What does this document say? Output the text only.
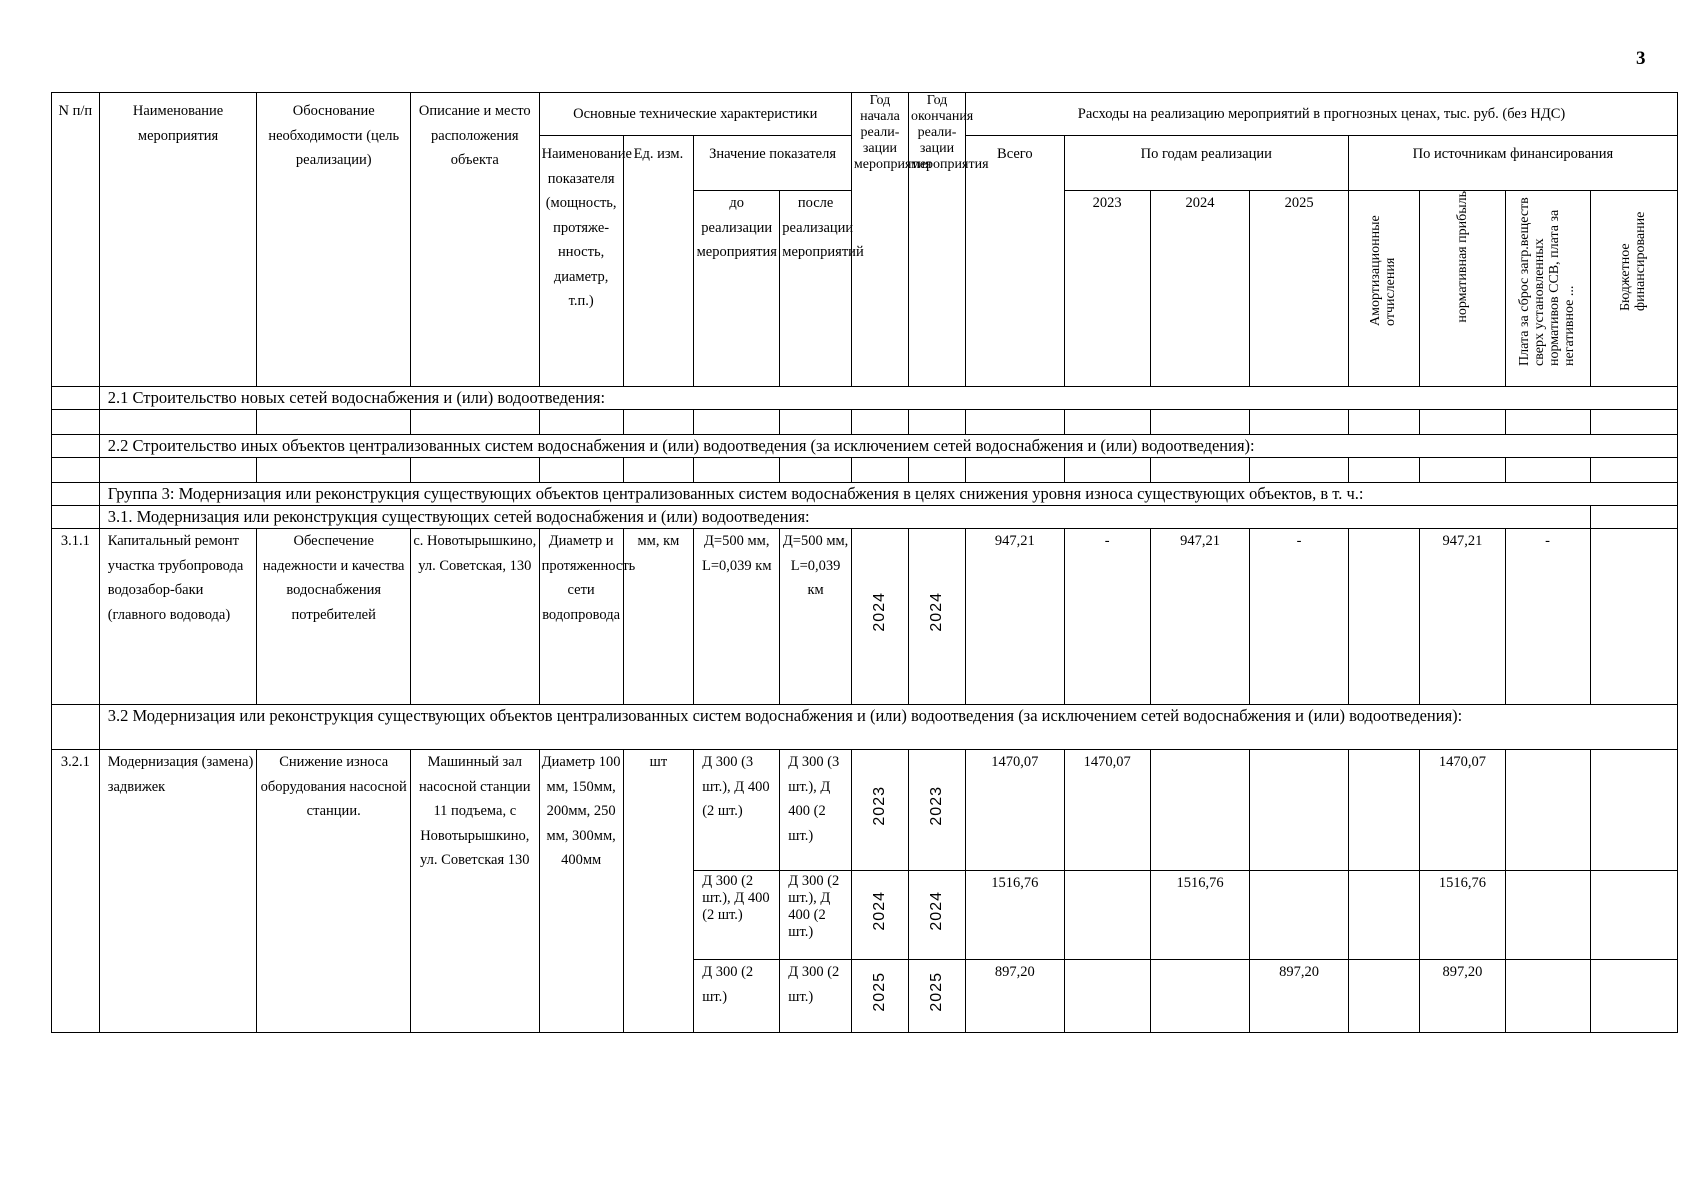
3
N п/п	Наименование мероприятия	Обоснование необходимости (цель реализации)	Описание и место расположения объекта	Основные технические характеристики				Год начала реали-зации мероприятия	Год окончания реали-зации мероприятия	Расходы на реализацию мероприятий в прогнозных ценах, тыс. руб. (без НДС)							
				Наименование показателя (мощность, протяже-нность, диаметр, т.п.)	Ед. изм.	Значение показателя				Всего	По годам реализации			По источникам финансирования			
						до реализации мероприятия	после реализации мероприятий				2023	2024	2025	Амортизационные отчисления	нормативная прибыль	Плата за сброс загр.веществ сверх установленных нормативов ССВ, плата за негативное ...	Бюджетное финансирование
	2.1 Строительство новых сетей водоснабжения и (или) водоотведения:																

	2.2 Строительство иных объектов централизованных систем водоснабжения и (или) водоотведения (за исключением сетей водоснабжения и (или) водоотведения):																

	Группа 3: Модернизация или реконструкция существующих объектов централизованных систем водоснабжения в целях снижения уровня износа существующих объектов, в т. ч.:																
	3.1. Модернизация или реконструкция существующих сетей водоснабжения и (или) водоотведения:																
3.1.1	Капитальный ремонт участка трубопровода водозабор-баки (главного водовода)	Обеспечение надежности и качества водоснабжения потребителей	с. Новотырышкино, ул. Советская, 130	Диаметр и протяженность сети водопровода	мм, км	Д=500 мм, L=0,039 км	Д=500 мм, L=0,039 км	2024	2024	947,21	-	947,21	-		947,21	-	
	3.2 Модернизация или реконструкция существующих объектов централизованных систем водоснабжения и (или) водоотведения (за исключением сетей водоснабжения и (или) водоотведения):																
3.2.1	Модернизация (замена) задвижек	Снижение износа оборудования насосной станции.	Машинный зал насосной станции 11 подъема, с Новотырышкино, ул. Советская 130	Диаметр 100 мм, 150мм, 200мм, 250 мм, 300мм, 400мм	шт	Д 300 (3 шт.), Д 400 (2 шт.)	Д 300 (3 шт.), Д 400 (2 шт.)	2023	2023	1470,07	1470,07				1470,07		
						Д 300 (2 шт.), Д 400 (2 шт.)	Д 300 (2 шт.), Д 400 (2 шт.)	2024	2024	1516,76		1516,76			1516,76		
						Д 300 (2 шт.)	Д 300 (2 шт.)	2025	2025	897,20			897,20		897,20		
